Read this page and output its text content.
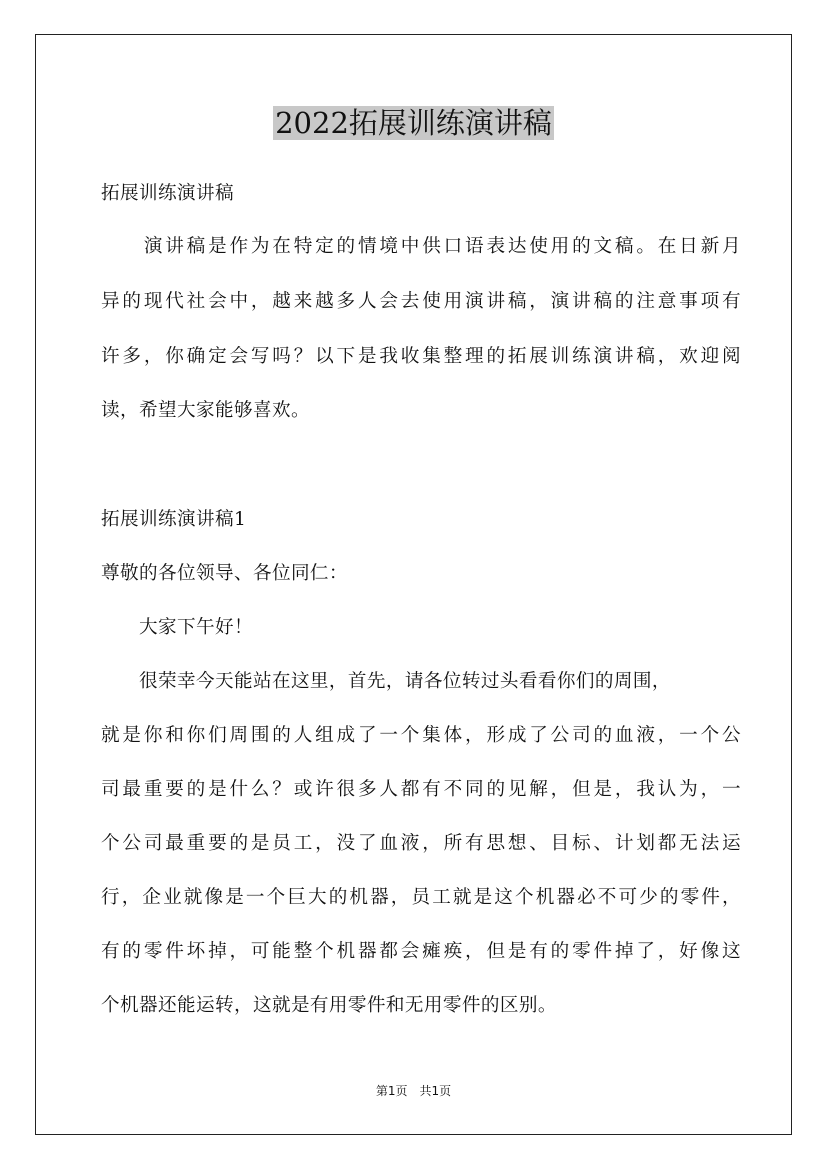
2022拓展训练演讲稿
拓展训练演讲稿
　　演讲稿是作为在特定的情境中供口语表达使用的文稿。在日新月
异的现代社会中，越来越多人会去使用演讲稿，演讲稿的注意事项有
许多，你确定会写吗？以下是我收集整理的拓展训练演讲稿，欢迎阅
读，希望大家能够喜欢。
拓展训练演讲稿1
尊敬的各位领导、各位同仁：
　　大家下午好！
　　很荣幸今天能站在这里，首先，请各位转过头看看你们的周围，
就是你和你们周围的人组成了一个集体，形成了公司的血液，一个公
司最重要的是什么？或许很多人都有不同的见解，但是，我认为，一
个公司最重要的是员工，没了血液，所有思想、目标、计划都无法运
行，企业就像是一个巨大的机器，员工就是这个机器必不可少的零件，
有的零件坏掉，可能整个机器都会瘫痪，但是有的零件掉了，好像这
个机器还能运转，这就是有用零件和无用零件的区别。
第1页　共1页
